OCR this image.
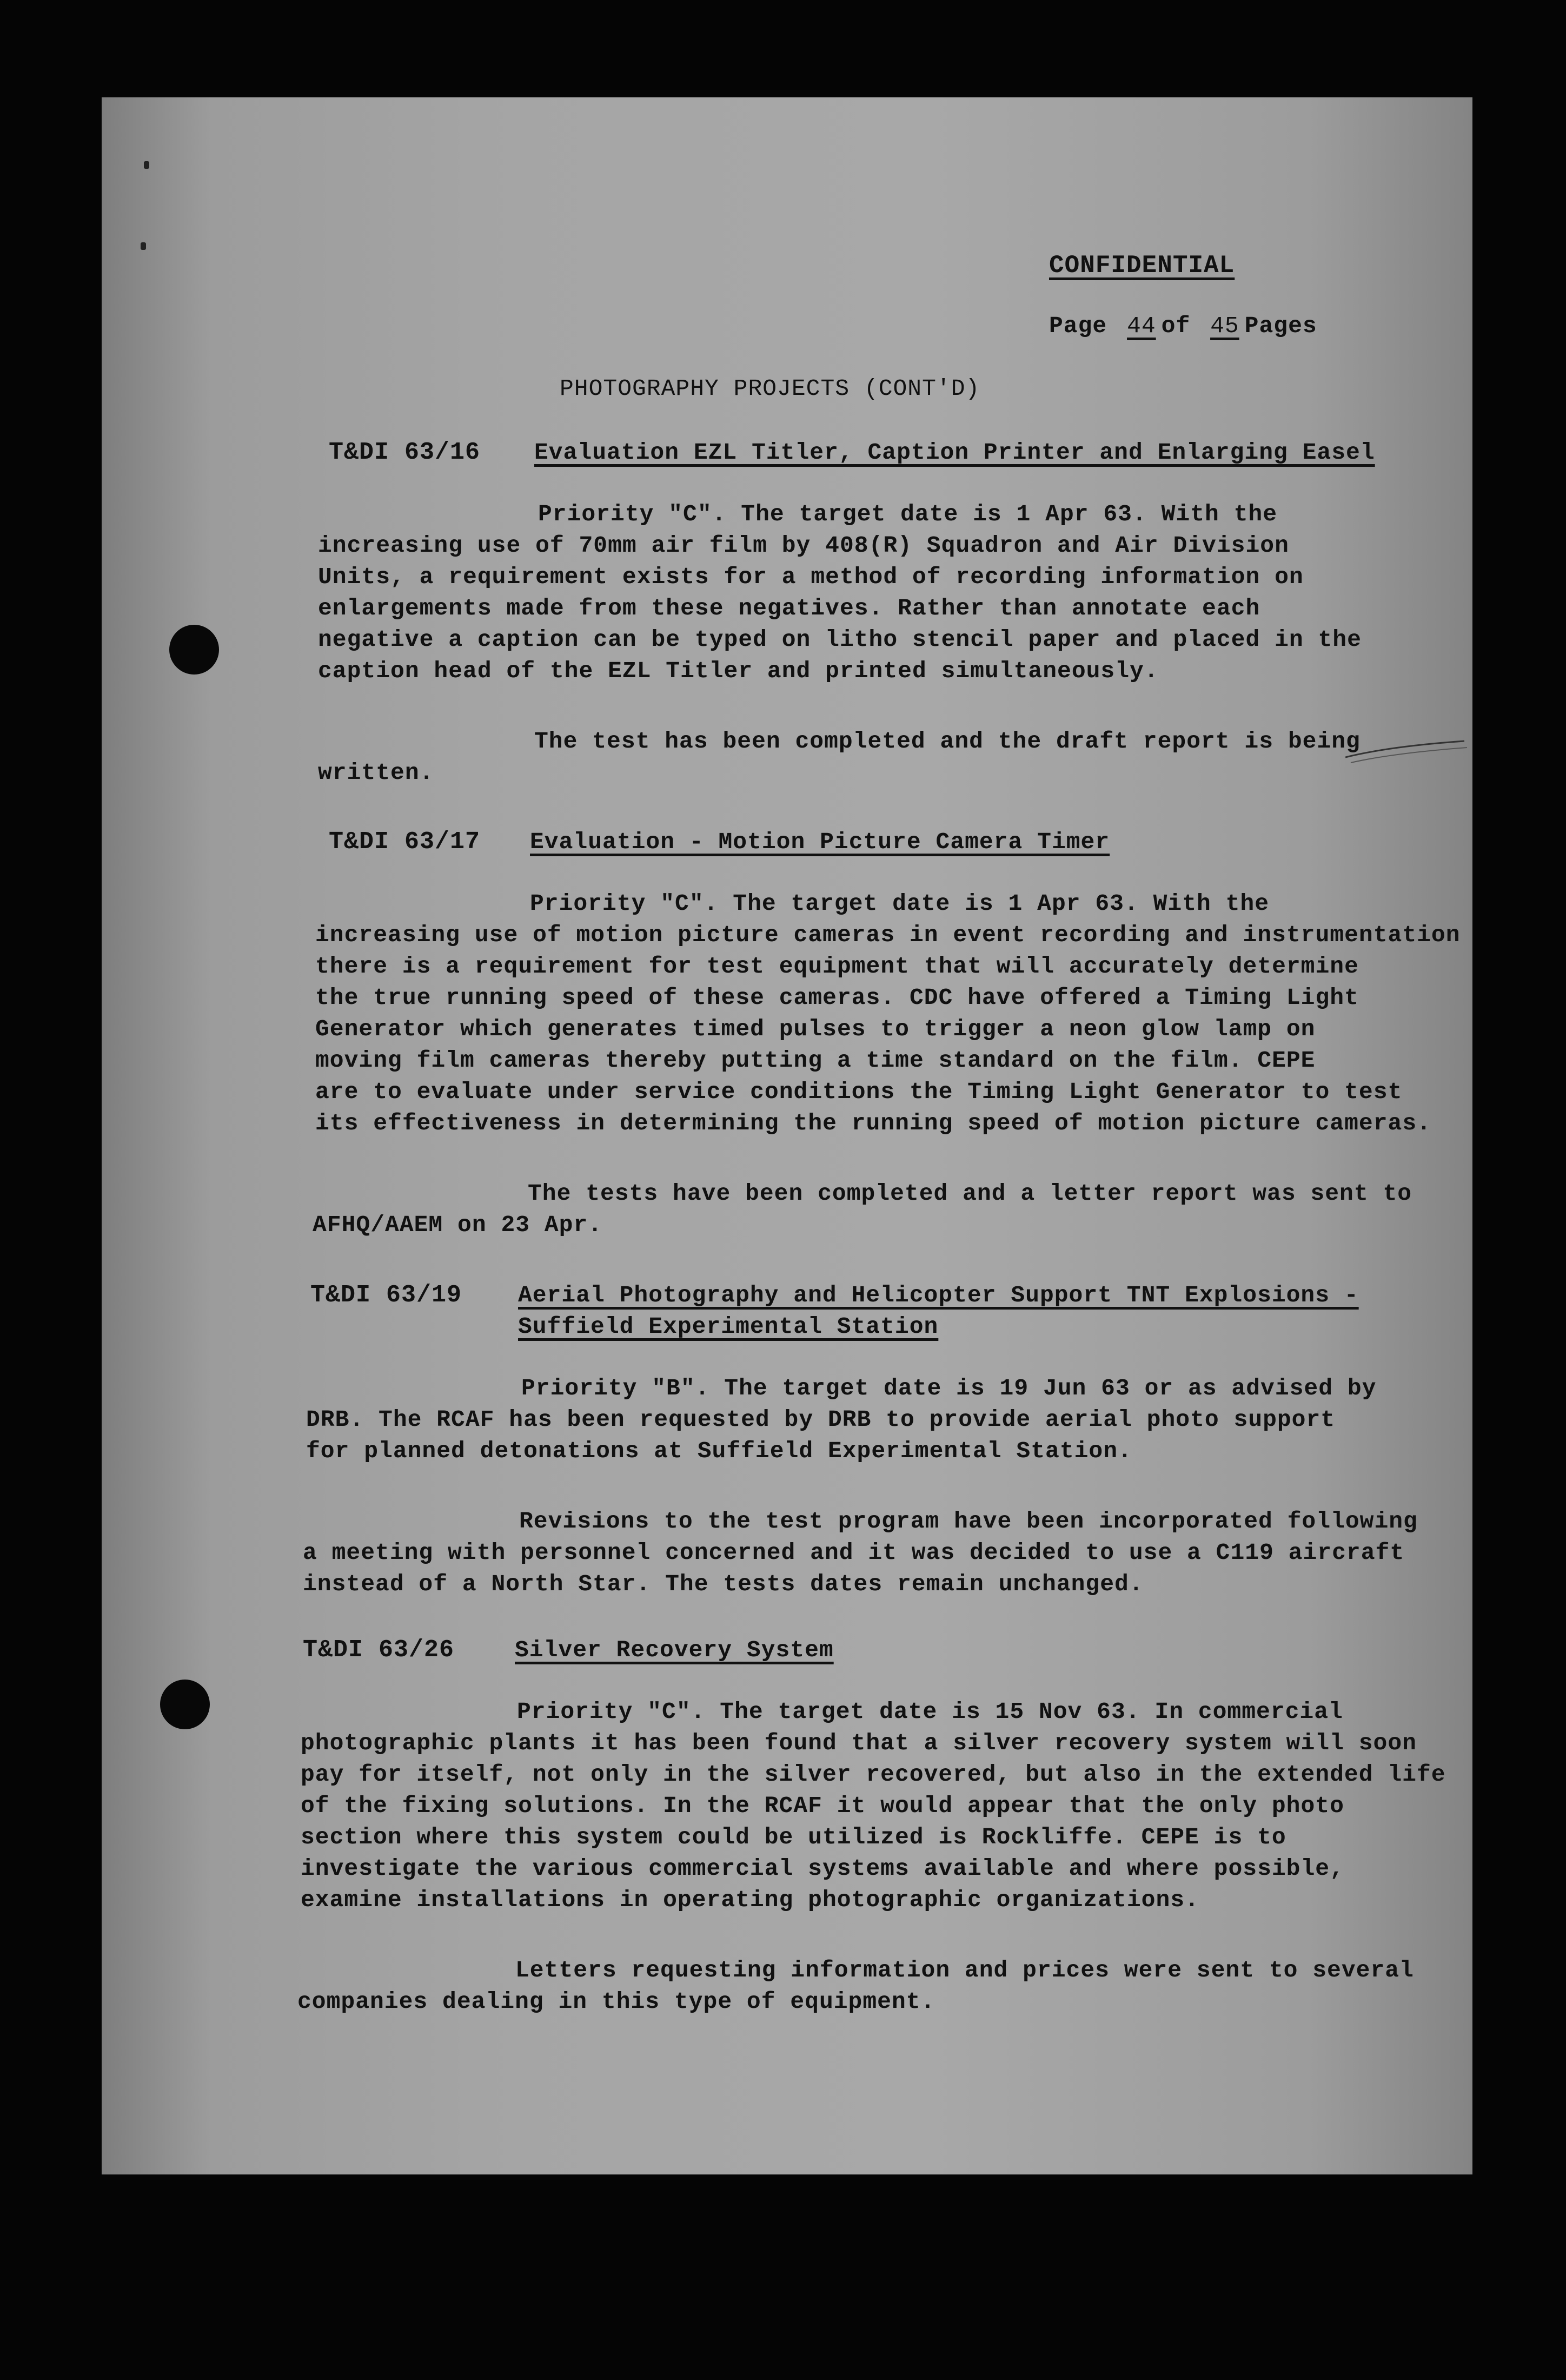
CONFIDENTIAL
Page 44 of 45 Pages
PHOTOGRAPHY PROJECTS (CONT'D)
T&DI 63/16 Evaluation EZL Titler, Caption Printer and Enlarging Easel
Priority "C". The target date is 1 Apr 63. With the
increasing use of 70mm air film by 408(R) Squadron and Air Division
Units, a requirement exists for a method of recording information on
enlargements made from these negatives. Rather than annotate each
negative a caption can be typed on litho stencil paper and placed in the
caption head of the EZL Titler and printed simultaneously.
The test has been completed and the draft report is being
written.
T&DI 63/17 Evaluation - Motion Picture Camera Timer
Priority "C". The target date is 1 Apr 63. With the
increasing use of motion picture cameras in event recording and instrumentation
there is a requirement for test equipment that will accurately determine
the true running speed of these cameras. CDC have offered a Timing Light
Generator which generates timed pulses to trigger a neon glow lamp on
moving film cameras thereby putting a time standard on the film. CEPE
are to evaluate under service conditions the Timing Light Generator to test
its effectiveness in determining the running speed of motion picture cameras.
The tests have been completed and a letter report was sent to
AFHQ/AAEM on 23 Apr.
T&DI 63/19 Aerial Photography and Helicopter Support TNT Explosions -
Suffield Experimental Station
Priority "B". The target date is 19 Jun 63 or as advised by
DRB. The RCAF has been requested by DRB to provide aerial photo support
for planned detonations at Suffield Experimental Station.
Revisions to the test program have been incorporated following
a meeting with personnel concerned and it was decided to use a C119 aircraft
instead of a North Star. The tests dates remain unchanged.
T&DI 63/26	Silver Recovery System
Priority "C". The target date is 15 Nov 63. In commercial
photographic plants it has been found that a silver recovery system will soon
pay for itself, not only in the silver recovered, but also in the extended life
of the fixing solutions. In the RCAF it would appear that the only photo
section where this system could be utilized is Rockliffe. CEPE is to
investigate the various commercial systems available and where possible,
examine installations in operating photographic organizations.
Letters requesting information and prices were sent to several
companies dealing in this type of equipment.
